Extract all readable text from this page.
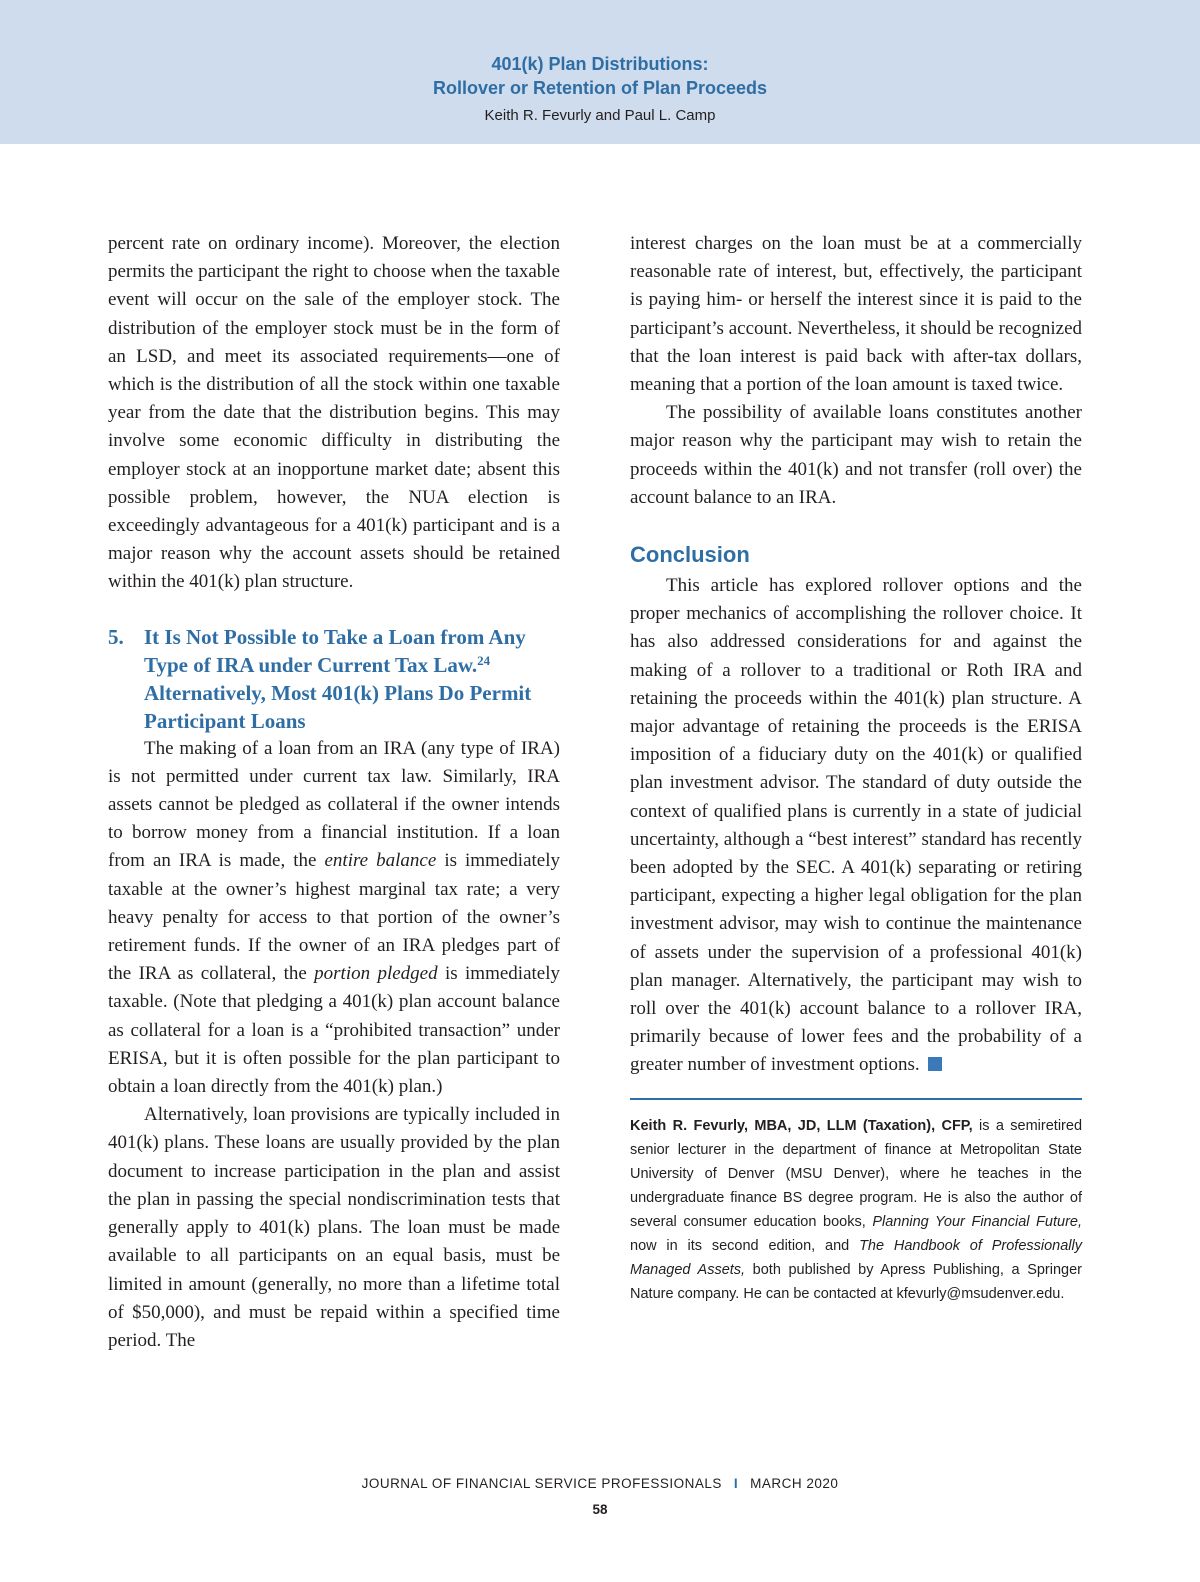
401(k) Plan Distributions:
Rollover or Retention of Plan Proceeds
Keith R. Fevurly and Paul L. Camp

percent rate on ordinary income). Moreover, the election permits the participant the right to choose when the taxable event will occur on the sale of the employer stock. The distribution of the employer stock must be in the form of an LSD, and meet its associated requirements—one of which is the distribution of all the stock within one taxable year from the date that the distribution begins. This may involve some economic difficulty in distributing the employer stock at an inopportune market date; absent this possible problem, however, the NUA election is exceedingly advantageous for a 401(k) participant and is a major reason why the account assets should be retained within the 401(k) plan structure.

5. It Is Not Possible to Take a Loan from Any Type of IRA under Current Tax Law.$^{24}$ Alternatively, Most 401(k) Plans Do Permit Participant Loans

The making of a loan from an IRA (any type of IRA) is not permitted under current tax law. Similarly, IRA assets cannot be pledged as collateral if the owner intends to borrow money from a financial institution. If a loan from an IRA is made, the entire balance is immediately taxable at the owner’s highest marginal tax rate; a very heavy penalty for access to that portion of the owner’s retirement funds. If the owner of an IRA pledges part of the IRA as collateral, the portion pledged is immediately taxable. (Note that pledging a 401(k) plan account balance as collateral for a loan is a “prohibited transaction” under ERISA, but it is often possible for the plan participant to obtain a loan directly from the 401(k) plan.)

Alternatively, loan provisions are typically included in 401(k) plans. These loans are usually provided by the plan document to increase participation in the plan and assist the plan in passing the special nondiscrimination tests that generally apply to 401(k) plans. The loan must be made available to all participants on an equal basis, must be limited in amount (generally, no more than a lifetime total of $50,000), and must be repaid within a specified time period. The

interest charges on the loan must be at a commercially reasonable rate of interest, but, effectively, the participant is paying him- or herself the interest since it is paid to the participant’s account. Nevertheless, it should be recognized that the loan interest is paid back with after-tax dollars, meaning that a portion of the loan amount is taxed twice.

The possibility of available loans constitutes another major reason why the participant may wish to retain the proceeds within the 401(k) and not transfer (roll over) the account balance to an IRA.

Conclusion

This article has explored rollover options and the proper mechanics of accomplishing the rollover choice. It has also addressed considerations for and against the making of a rollover to a traditional or Roth IRA and retaining the proceeds within the 401(k) plan structure. A major advantage of retaining the proceeds is the ERISA imposition of a fiduciary duty on the 401(k) or qualified plan investment advisor. The standard of duty outside the context of qualified plans is currently in a state of judicial uncertainty, although a “best interest” standard has recently been adopted by the SEC. A 401(k) separating or retiring participant, expecting a higher legal obligation for the plan investment advisor, may wish to continue the maintenance of assets under the supervision of a professional 401(k) plan manager. Alternatively, the participant may wish to roll over the 401(k) account balance to a rollover IRA, primarily because of lower fees and the probability of a greater number of investment options.

Keith R. Fevurly, MBA, JD, LLM (Taxation), CFP, is a semiretired senior lecturer in the department of finance at Metropolitan State University of Denver (MSU Denver), where he teaches in the undergraduate finance BS degree program. He is also the author of several consumer education books, Planning Your Financial Future, now in its second edition, and The Handbook of Professionally Managed Assets, both published by Apress Publishing, a Springer Nature company. He can be contacted at kfevurly@msudenver.edu.

JOURNAL OF FINANCIAL SERVICE PROFESSIONALS I MARCH 2020
58
